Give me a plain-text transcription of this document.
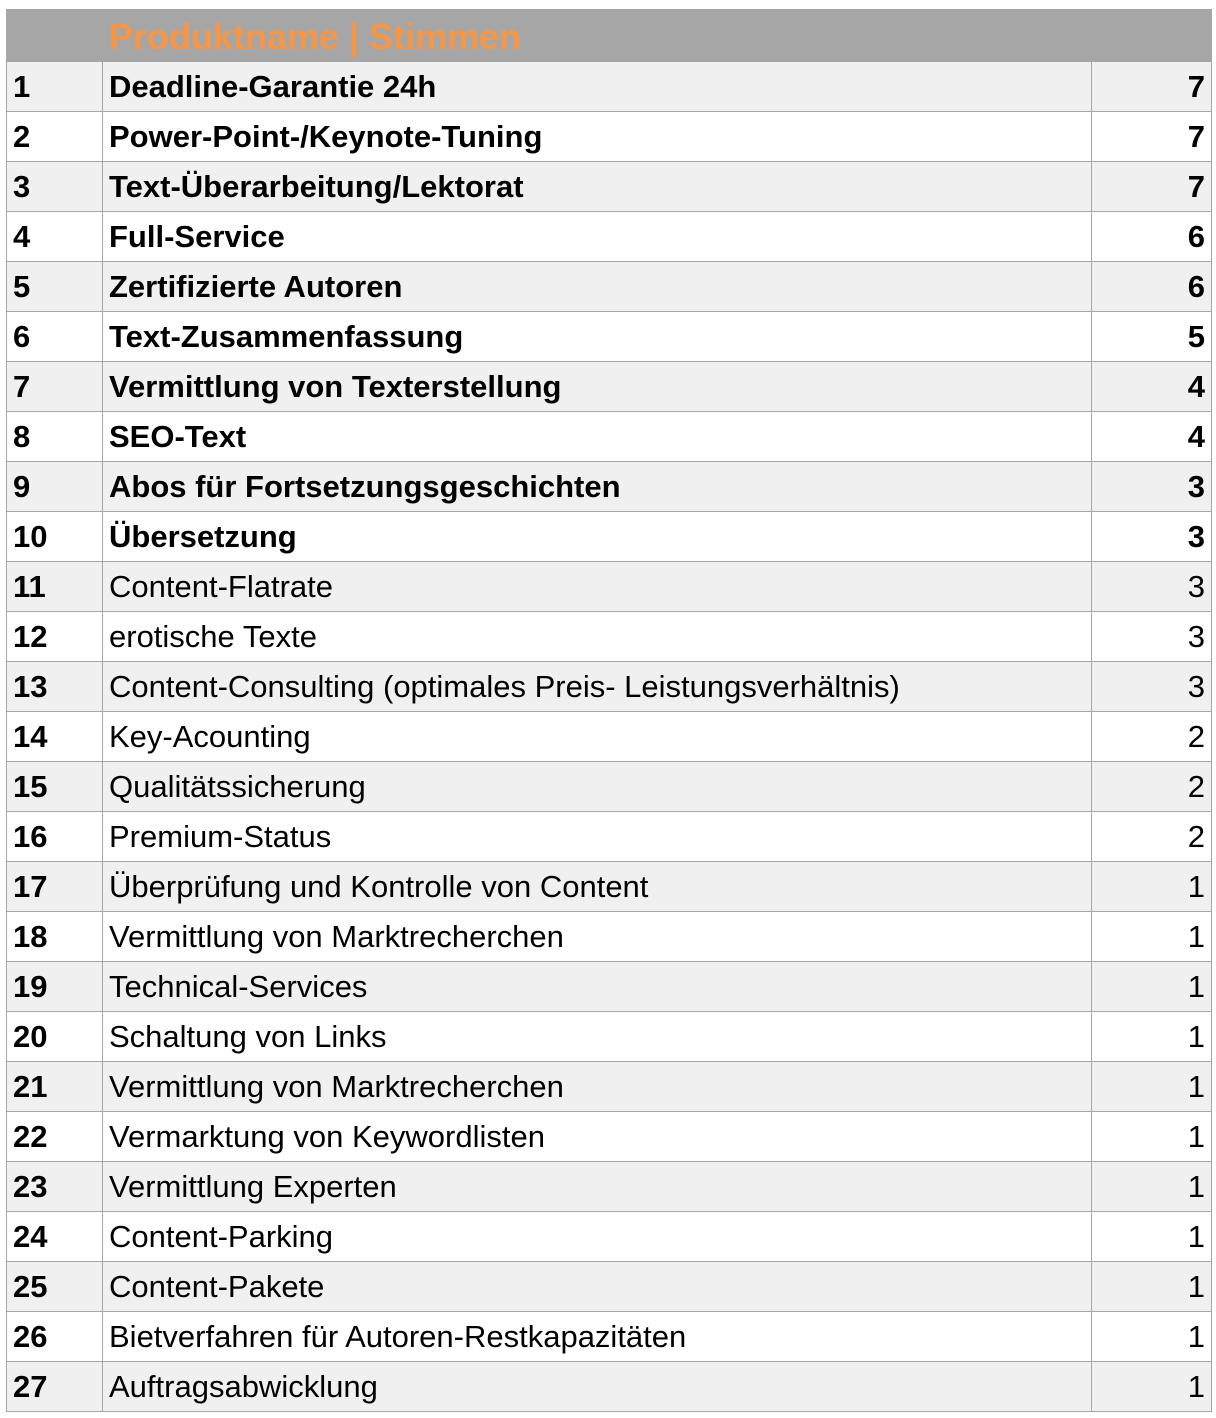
	Produktname | Stimmen	
1	Deadline-Garantie 24h	7
2	Power-Point-/Keynote-Tuning	7
3	Text-Überarbeitung/Lektorat	7
4	Full-Service	6
5	Zertifizierte Autoren	6
6	Text-Zusammenfassung	5
7	Vermittlung von Texterstellung	4
8	SEO-Text	4
9	Abos für Fortsetzungsgeschichten	3
10	Übersetzung	3
11	Content-Flatrate	3
12	erotische Texte	3
13	Content-Consulting (optimales Preis- Leistungsverhältnis)	3
14	Key-Acounting	2
15	Qualitätssicherung	2
16	Premium-Status	2
17	Überprüfung und Kontrolle von Content	1
18	Vermittlung von Marktrecherchen	1
19	Technical-Services	1
20	Schaltung von Links	1
21	Vermittlung von Marktrecherchen	1
22	Vermarktung von Keywordlisten	1
23	Vermittlung Experten	1
24	Content-Parking	1
25	Content-Pakete	1
26	Bietverfahren für Autoren-Restkapazitäten	1
27	Auftragsabwicklung	1
